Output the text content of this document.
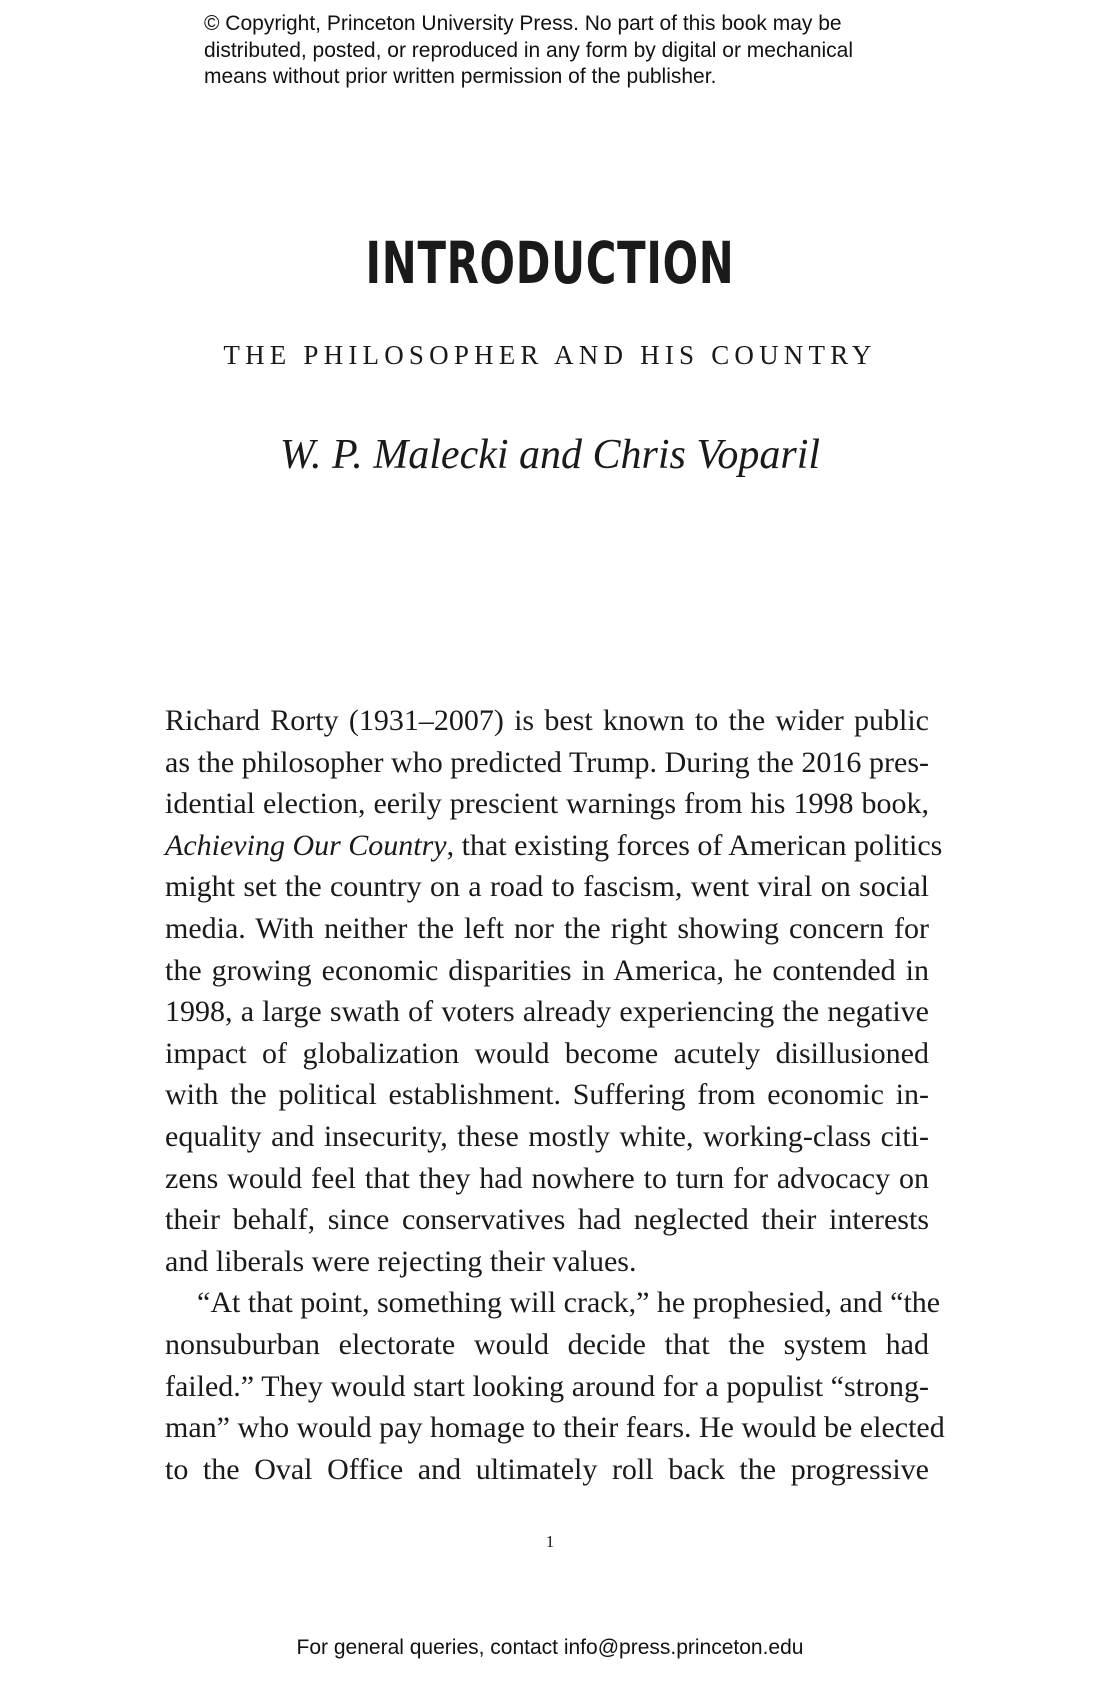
© Copyright, Princeton University Press. No part of this book may be
distributed, posted, or reproduced in any form by digital or mechanical
means without prior written permission of the publisher.
INTRODUCTION
THE PHILOSOPHER AND HIS COUNTRY
W. P. Malecki and Chris Voparil
Richard Rorty (1931–2007) is best known to the wider public
as the philosopher who predicted Trump. During the 2016 pres-
idential election, eerily prescient warnings from his 1998 book,
Achieving Our Country, that existing forces of American politics
might set the country on a road to fascism, went viral on social
media. With neither the left nor the right showing concern for
the growing economic disparities in America, he contended in
1998, a large swath of voters already experiencing the negative
impact of globalization would become acutely disillusioned
with the political establishment. Suffering from economic in-
equality and insecurity, these mostly white, working-class citi-
zens would feel that they had nowhere to turn for advocacy on
their behalf, since conservatives had neglected their interests
and liberals were rejecting their values.
“At that point, something will crack,” he prophesied, and “the
nonsuburban electorate would decide that the system had
failed.” They would start looking around for a populist “strong-
man” who would pay homage to their fears. He would be elected
to the Oval Office and ultimately roll back the progressive
1
For general queries, contact info@press.princeton.edu
